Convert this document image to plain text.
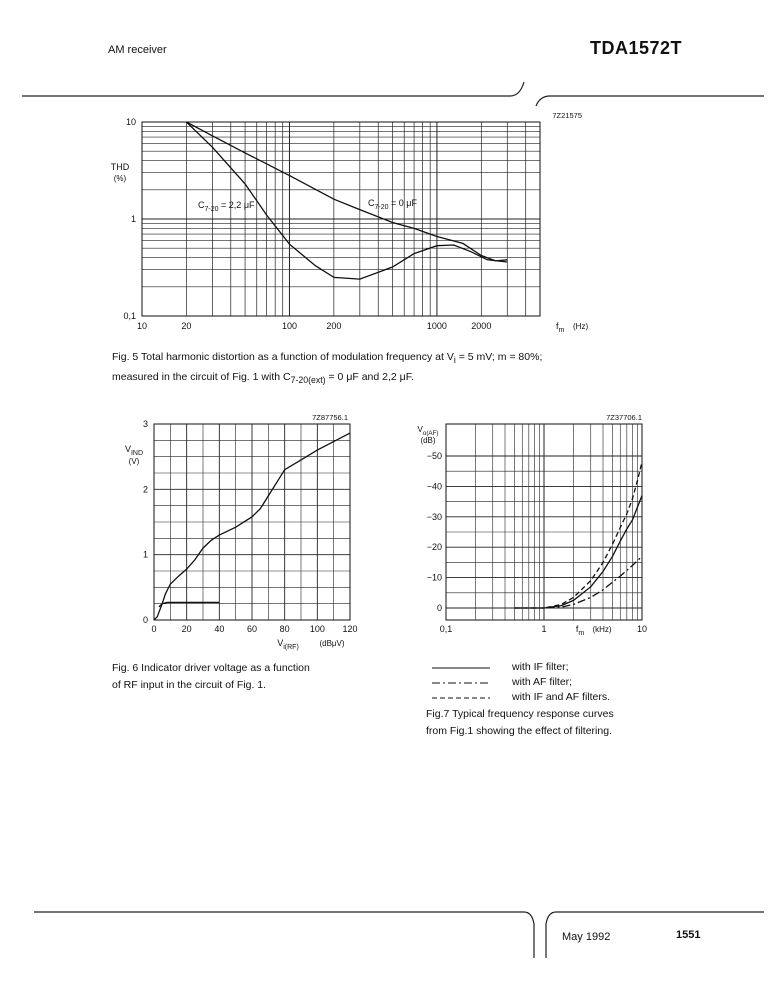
AM receiver	TDA1572T
10	20	100	200	1000	2000
0,1
1
10
THD
(%)
$f_m$ (Hz)
7Z21575
$C_{7-20} = 0$ μF
$C_{7-20} = 2,2$ μF
Fig. 5 Total harmonic distortion as a function of modulation frequency at $V_i = 5$ mV; m = 80%;
measured in the circuit of Fig. 1 with $C_{7-20(ext)} = 0$ μF and 2,2 μF.
0	20	40	60	80 100 120
0
1
2
3
$V_{IND}$
(V)
$V_{i(RF)}$	(dBμV)
7Z87756.1
Fig. 6 Indicator driver voltage as a function
of RF input in the circuit of Fig. 1.
0,1	1	10
0
−10
−20
−30
−40
−50
$V_{o(AF)}$
(dB)
$f_m$ (kHz)
7Z37706.1
with IF filter;
with AF filter;
with IF and AF filters.
Fig.7 Typical frequency response curves
from Fig.1 showing the effect of filtering.
May 1992	1551
